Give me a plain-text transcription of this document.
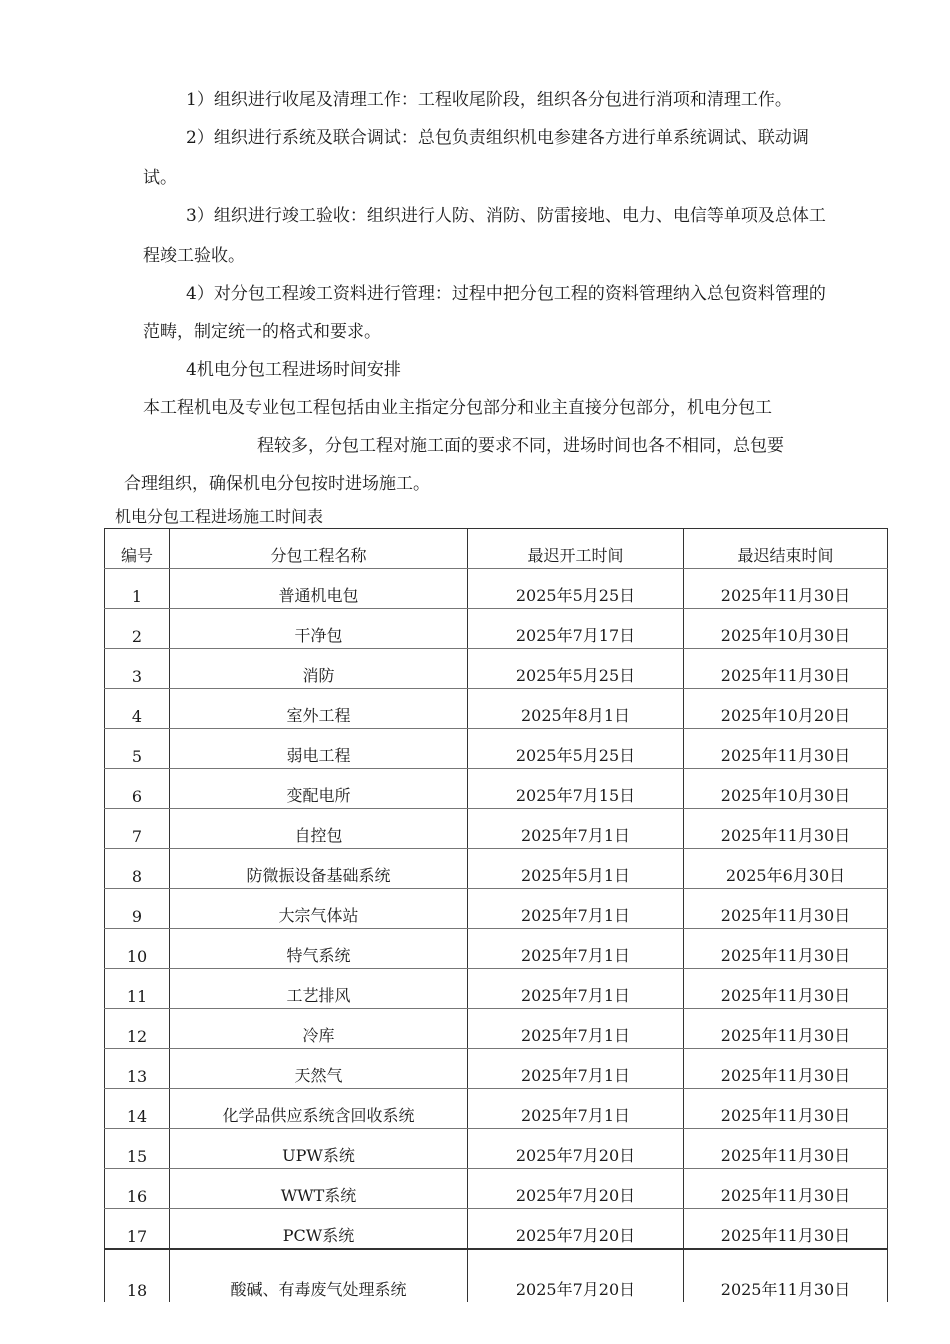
1）组织进行收尾及清理工作：工程收尾阶段，组织各分包进行消项和清理工作。
2）组织进行系统及联合调试：总包负责组织机电参建各方进行单系统调试、联动调
试。
3）组织进行竣工验收：组织进行人防、消防、防雷接地、电力、电信等单项及总体工
程竣工验收。
4）对分包工程竣工资料进行管理：过程中把分包工程的资料管理纳入总包资料管理的
范畴，制定统一的格式和要求。
4机电分包工程进场时间安排
本工程机电及专业包工程包括由业主指定分包部分和业主直接分包部分，机电分包工
程较多，分包工程对施工面的要求不同，进场时间也各不相同，总包要
合理组织，确保机电分包按时进场施工。
机电分包工程进场施工时间表
编号	分包工程名称	最迟开工时间	最迟结束时间
1	普通机电包	2025年5月25日	2025年11月30日
2	干净包	2025年7月17日	2025年10月30日
3	消防	2025年5月25日	2025年11月30日
4	室外工程	2025年8月1日	2025年10月20日
5	弱电工程	2025年5月25日	2025年11月30日
6	变配电所	2025年7月15日	2025年10月30日
7	自控包	2025年7月1日	2025年11月30日
8	防微振设备基础系统	2025年5月1日	2025年6月30日
9	大宗气体站	2025年7月1日	2025年11月30日
10	特气系统	2025年7月1日	2025年11月30日
11	工艺排风	2025年7月1日	2025年11月30日
12	冷库	2025年7月1日	2025年11月30日
13	天然气	2025年7月1日	2025年11月30日
14	化学品供应系统含回收系统	2025年7月1日	2025年11月30日
15	UPW系统	2025年7月20日	2025年11月30日
16	WWT系统	2025年7月20日	2025年11月30日
17	PCW系统	2025年7月20日	2025年11月30日
18	酸碱、有毒废气处理系统	2025年7月20日	2025年11月30日
